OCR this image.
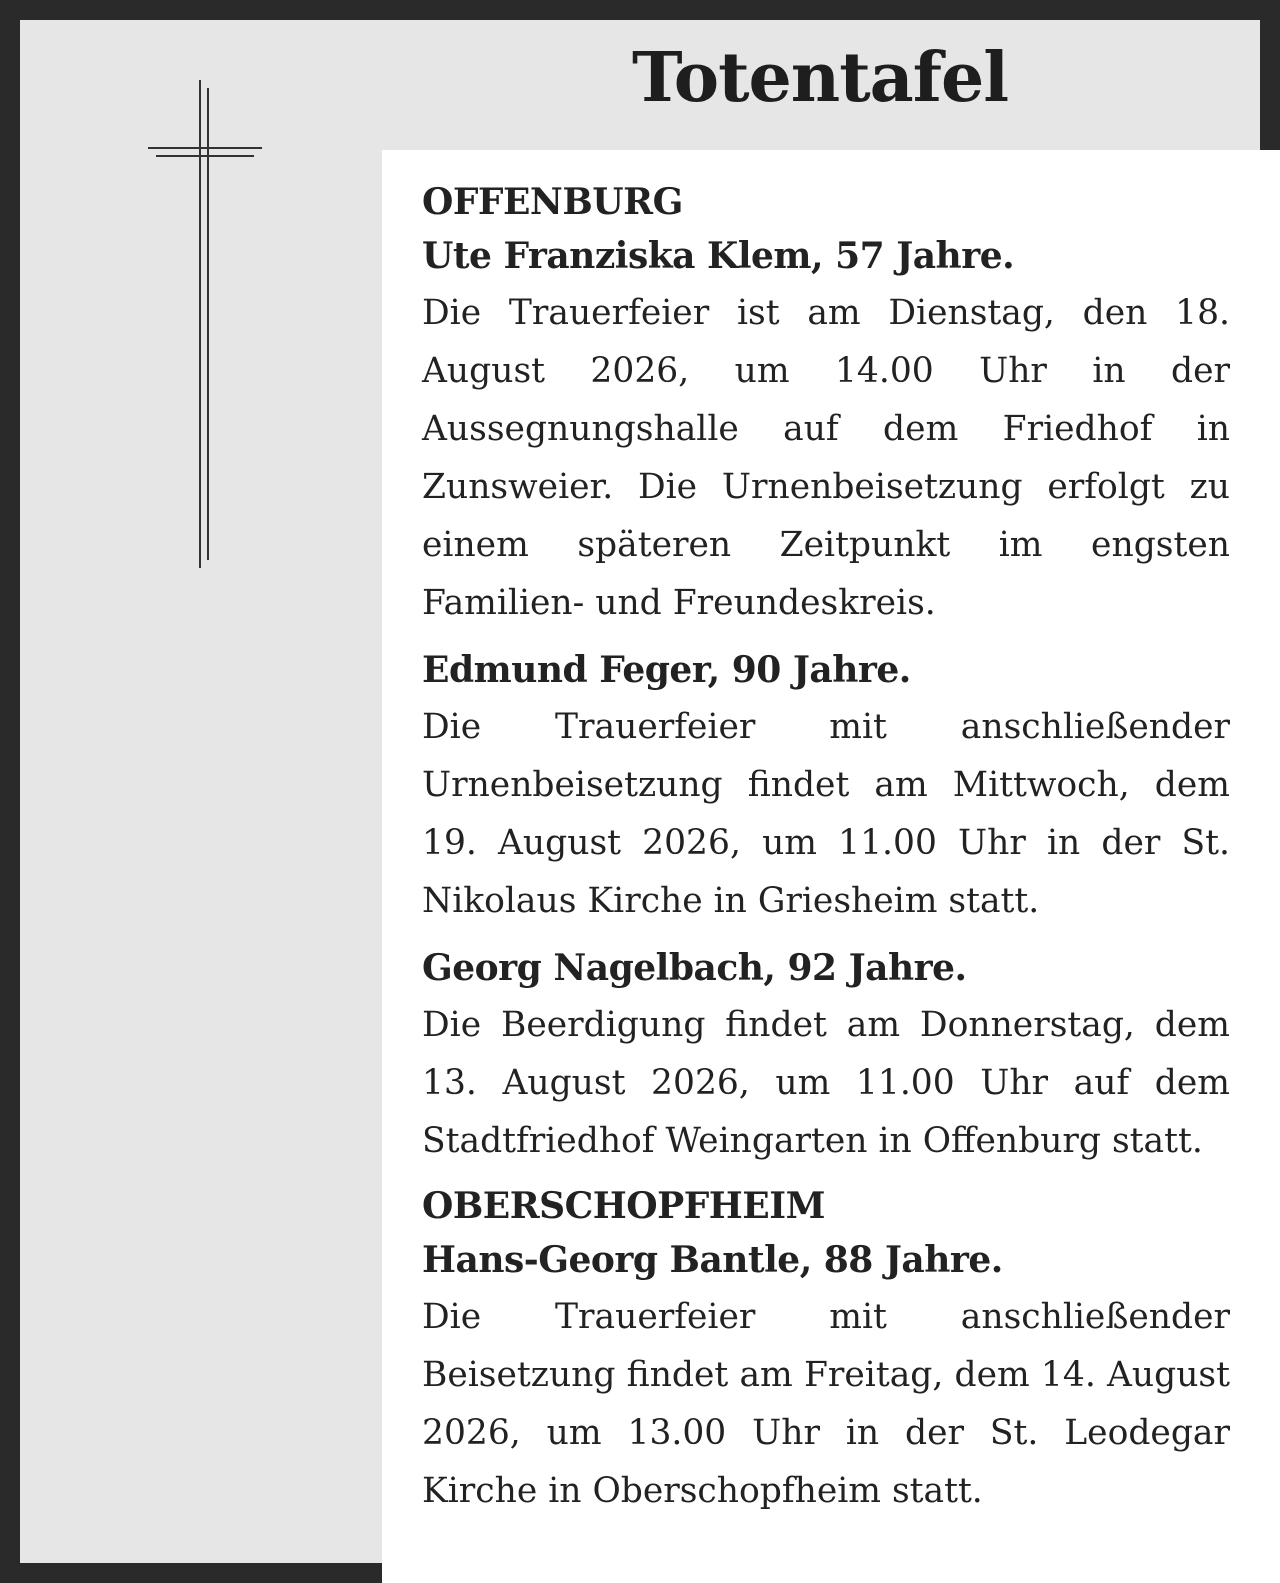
Totentafel
OFFENBURG
Ute Franziska Klem, 57 Jahre.

Die Trauerfeier ist am Dienstag, den 18. August 2026, um 14.00 Uhr in der Aussegnungshalle auf dem Friedhof in Zunsweier. Die Urnenbeisetzung erfolgt zu einem späteren Zeitpunkt im engsten Familien- und Freundeskreis.

Edmund Feger, 90 Jahre.

Die Trauerfeier mit anschließender Urnenbeisetzung findet am Mittwoch, dem 19. August 2026, um 11.00 Uhr in der St. Nikolaus Kirche in Griesheim statt.

Georg Nagelbach, 92 Jahre.

Die Beerdigung findet am Donnerstag, dem 13. August 2026, um 11.00 Uhr auf dem Stadtfriedhof Weingarten in Offenburg statt.

OBERSCHOPFHEIM
Hans-Georg Bantle, 88 Jahre.

Die Trauerfeier mit anschließender Beisetzung findet am Freitag, dem 14. August 2026, um 13.00 Uhr in der St. Leodegar Kirche in Oberschopfheim statt.
